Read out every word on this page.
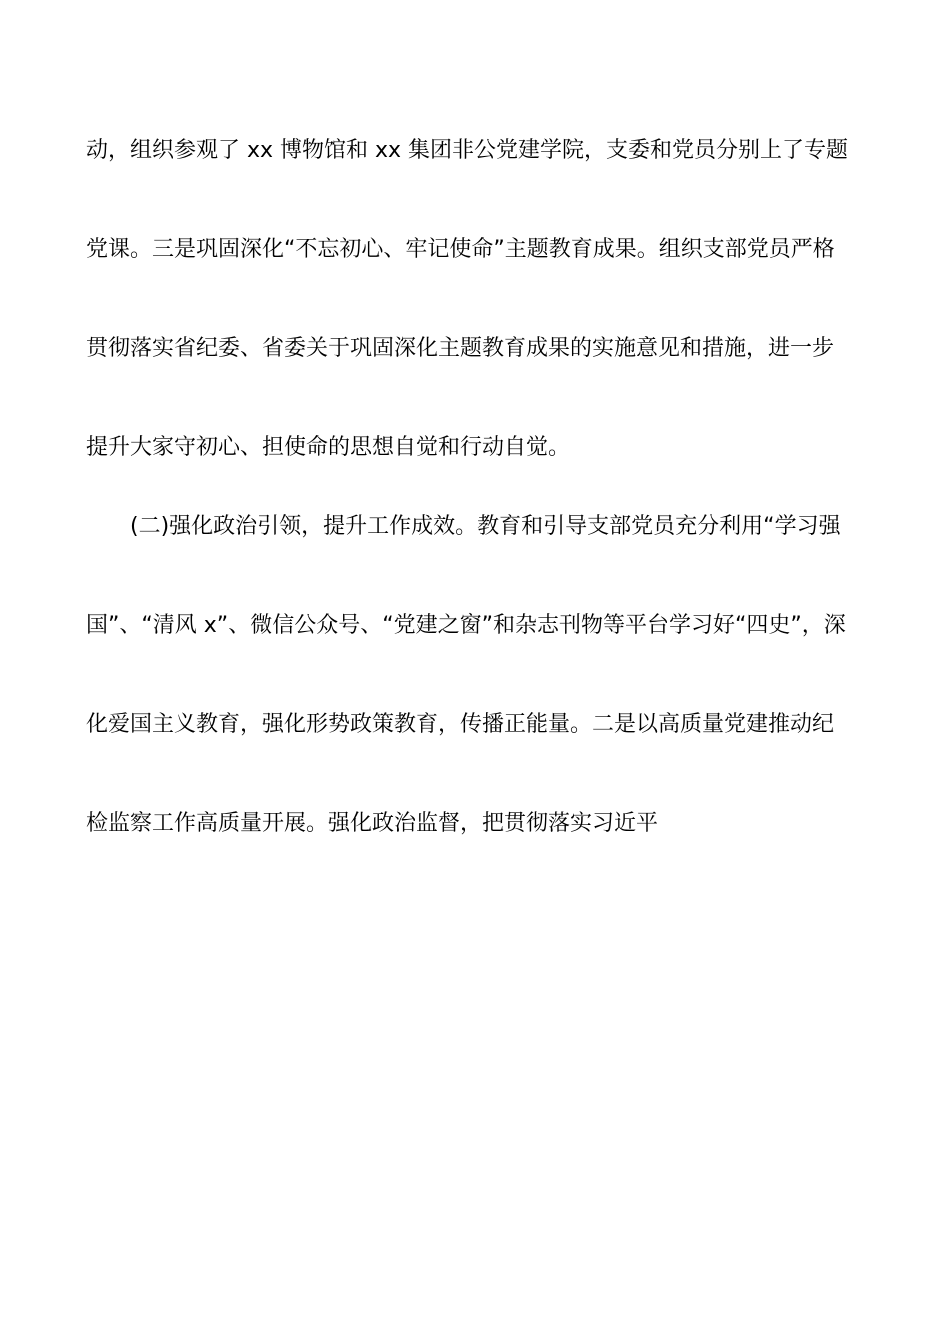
动，组织参观了 xx 博物馆和 xx 集团非公党建学院，支委和党员分别上了专题
党课。三是巩固深化“不忘初心、牢记使命”主题教育成果。组织支部党员严格
贯彻落实省纪委、省委关于巩固深化主题教育成果的实施意见和措施，进一步
提升大家守初心、担使命的思想自觉和行动自觉。
(二)强化政治引领，提升工作成效。教育和引导支部党员充分利用“学习强
国”、“清风 x”、微信公众号、“党建之窗”和杂志刊物等平台学习好“四史”，深
化爱国主义教育，强化形势政策教育，传播正能量。二是以高质量党建推动纪
检监察工作高质量开展。强化政治监督，把贯彻落实习近平
